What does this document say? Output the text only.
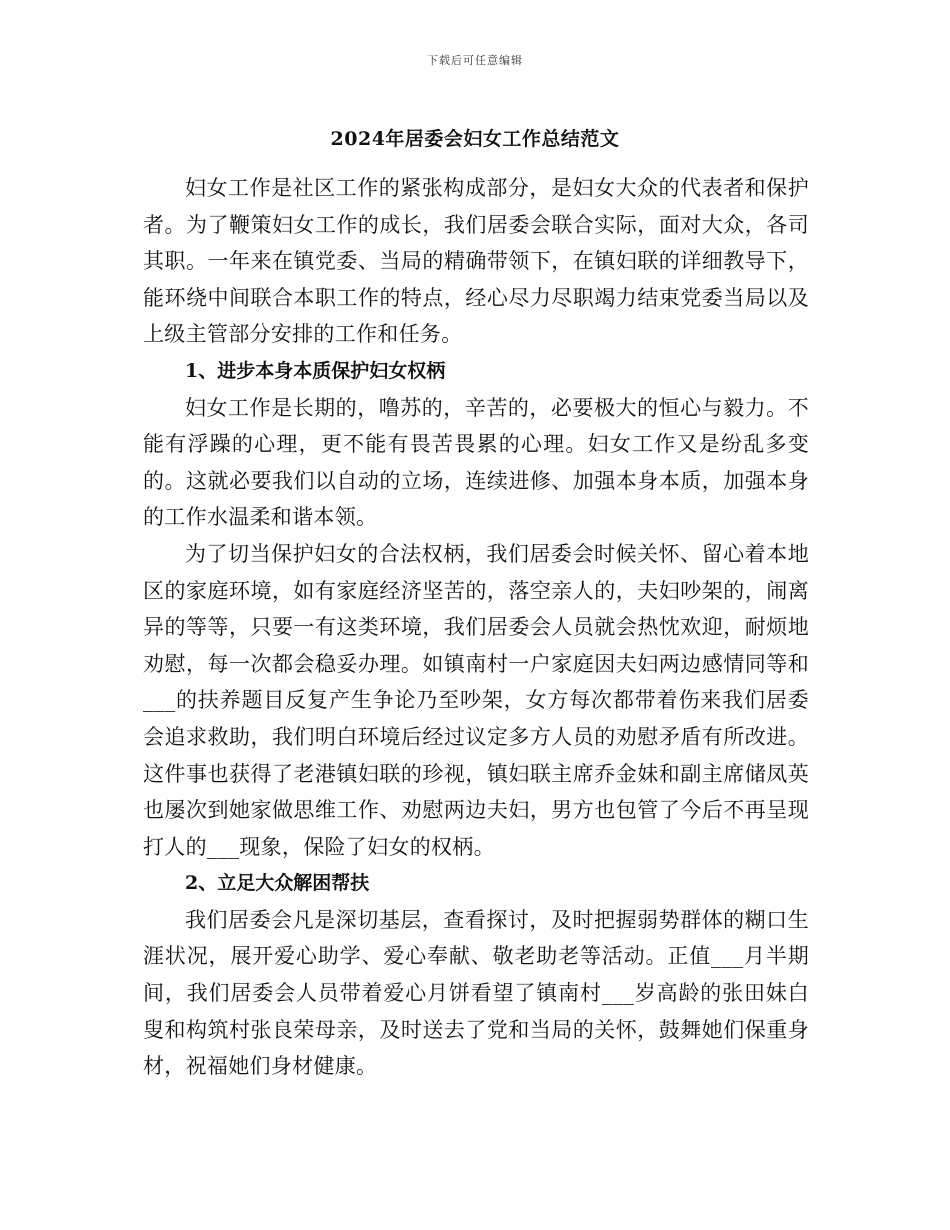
下载后可任意编辑
2024年居委会妇女工作总结范文

妇女工作是社区工作的紧张构成部分，是妇女大众的代表者和保护者。为了鞭策妇女工作的成长，我们居委会联合实际，面对大众，各司其职。一年来在镇党委、当局的精确带领下，在镇妇联的详细教导下，能环绕中间联合本职工作的特点，经心尽力尽职竭力结束党委当局以及上级主管部分安排的工作和任务。

1、进步本身本质保护妇女权柄

妇女工作是长期的，噜苏的，辛苦的，必要极大的恒心与毅力。不能有浮躁的心理，更不能有畏苦畏累的心理。妇女工作又是纷乱多变的。这就必要我们以自动的立场，连续进修、加强本身本质，加强本身的工作水温柔和谐本领。

为了切当保护妇女的合法权柄，我们居委会时候关怀、留心着本地区的家庭环境，如有家庭经济坚苦的，落空亲人的，夫妇吵架的，闹离异的等等，只要一有这类环境，我们居委会人员就会热忱欢迎，耐烦地劝慰，每一次都会稳妥办理。如镇南村一户家庭因夫妇两边感情同等和___的扶养题目反复产生争论乃至吵架，女方每次都带着伤来我们居委会追求救助，我们明白环境后经过议定多方人员的劝慰矛盾有所改进。这件事也获得了老港镇妇联的珍视，镇妇联主席乔金妹和副主席储凤英也屡次到她家做思维工作、劝慰两边夫妇，男方也包管了今后不再呈现打人的___现象，保险了妇女的权柄。

2、立足大众解困帮扶

我们居委会凡是深切基层，查看探讨，及时把握弱势群体的糊口生涯状况，展开爱心助学、爱心奉献、敬老助老等活动。正值___月半期间，我们居委会人员带着爱心月饼看望了镇南村___岁高龄的张田妹白叟和构筑村张良荣母亲，及时送去了党和当局的关怀，鼓舞她们保重身材，祝福她们身材健康。
